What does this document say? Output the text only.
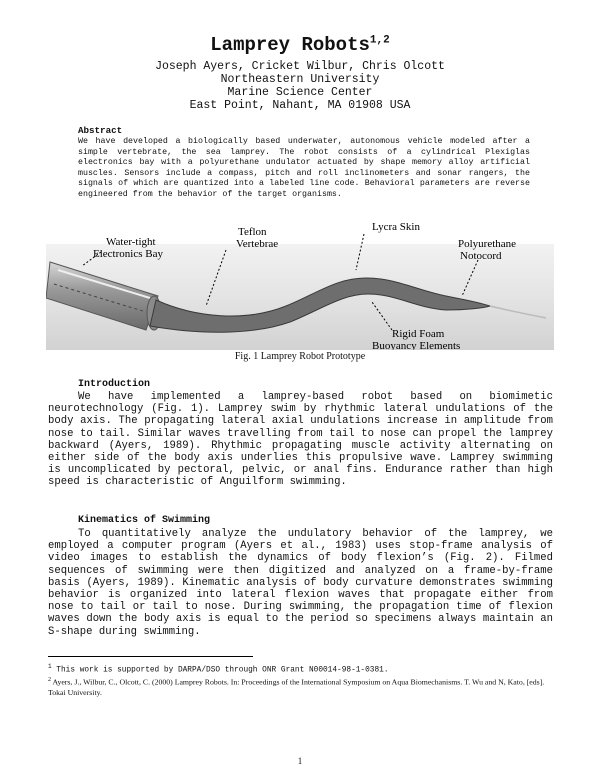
Lamprey Robots$^{1,2}$
Joseph Ayers, Cricket Wilbur, Chris Olcott
Northeastern University
Marine Science Center
East Point, Nahant, MA 01908 USA
Abstract
We have developed a biologically based underwater, autonomous vehicle modeled after a simple vertebrate, the sea lamprey. The robot consists of a cylindrical Plexiglas electronics bay with a polyurethane undulator actuated by shape memory alloy artificial muscles. Sensors include a compass, pitch and roll inclinometers and sonar rangers, the signals of which are quantized into a labeled line code. Behavioral parameters are reverse engineered from the behavior of the target organisms.
Water-tight
Electronics Bay
Teflon
Vertebrae
Lycra Skin
Polyurethane
Notocord
Rigid Foam
Buoyancy Elements
Fig. 1 Lamprey Robot Prototype
Introduction
We have implemented a lamprey-based robot based on biomimetic neurotechnology (Fig. 1). Lamprey swim by rhythmic lateral undulations of the body axis. The propagating lateral axial undulations increase in amplitude from nose to tail. Similar waves travelling from tail to nose can propel the lamprey backward (Ayers, 1989). Rhythmic propagating muscle activity alternating on either side of the body axis underlies this propulsive wave. Lamprey swimming is uncomplicated by pectoral, pelvic, or anal fins. Endurance rather than high speed is characteristic of Anguilform swimming.
Kinematics of Swimming
To quantitatively analyze the undulatory behavior of the lamprey, we employed a computer program (Ayers et al., 1983) uses stop-frame analysis of video images to establish the dynamics of body flexion’s (Fig. 2). Filmed sequences of swimming were then digitized and analyzed on a frame-by-frame basis (Ayers, 1989). Kinematic analysis of body curvature demonstrates swimming behavior is organized into lateral flexion waves that propagate either from nose to tail or tail to nose. During swimming, the propagation time of flexion waves down the body axis is equal to the period so specimens always maintain an S-shape during swimming.
$^1$ This work is supported by DARPA/DSO through ONR Grant N00014-98-1-0381.
$^2$ Ayers, J., Wilbur, C., Olcott, C. (2000) Lamprey Robots. In: Proceedings of the International Symposium on Aqua Biomechanisms. T. Wu and N, Kato, [eds]. Tokai University.
1
